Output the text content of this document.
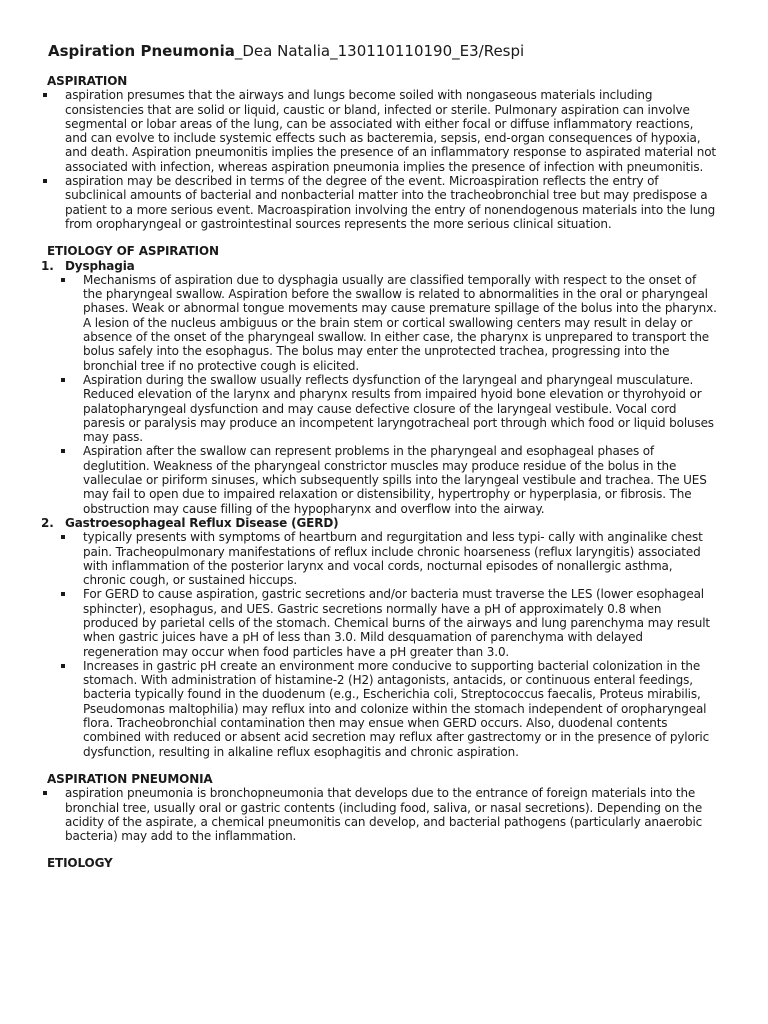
Aspiration Pneumonia_Dea Natalia_130110110190_E3/Respi
ASPIRATION
aspiration presumes that the airways and lungs become soiled with nongaseous materials including consistencies that are solid or liquid, caustic or bland, infected or sterile. Pulmonary aspiration can involve segmental or lobar areas of the lung, can be associated with either focal or diffuse inflammatory reactions, and can evolve to include systemic effects such as bacteremia, sepsis, end-organ consequences of hypoxia, and death. Aspiration pneumonitis implies the presence of an inflammatory response to aspirated material not associated with infection, whereas aspiration pneumonia implies the presence of infection with pneumonitis.
aspiration may be described in terms of the degree of the event. Microaspiration reflects the entry of subclinical amounts of bacterial and nonbacterial matter into the tracheobronchial tree but may predispose a patient to a more serious event. Macroaspiration involving the entry of nonendogenous materials into the lung from oropharyngeal or gastrointestinal sources represents the more serious clinical situation.
ETIOLOGY OF ASPIRATION
1. Dysphagia
Mechanisms of aspiration due to dysphagia usually are classified temporally with respect to the onset of the pharyngeal swallow. Aspiration before the swallow is related to abnormalities in the oral or pharyngeal phases. Weak or abnormal tongue movements may cause premature spillage of the bolus into the pharynx. A lesion of the nucleus ambiguus or the brain stem or cortical swallowing centers may result in delay or absence of the onset of the pharyngeal swallow. In either case, the pharynx is unprepared to transport the bolus safely into the esophagus. The bolus may enter the unprotected trachea, progressing into the bronchial tree if no protective cough is elicited.
Aspiration during the swallow usually reflects dysfunction of the laryngeal and pharyngeal musculature. Reduced elevation of the larynx and pharynx results from impaired hyoid bone elevation or thyrohyoid or palatopharyngeal dysfunction and may cause defective closure of the laryngeal vestibule. Vocal cord paresis or paralysis may produce an incompetent laryngotracheal port through which food or liquid boluses may pass.
Aspiration after the swallow can represent problems in the pharyngeal and esophageal phases of deglutition. Weakness of the pharyngeal constrictor muscles may produce residue of the bolus in the valleculae or piriform sinuses, which subsequently spills into the laryngeal vestibule and trachea. The UES may fail to open due to impaired relaxation or distensibility, hypertrophy or hyperplasia, or fibrosis. The obstruction may cause filling of the hypopharynx and overflow into the airway.
2. Gastroesophageal Reflux Disease (GERD)
typically presents with symptoms of heartburn and regurgitation and less typi- cally with anginalike chest pain. Tracheopulmonary manifestations of reflux include chronic hoarseness (reflux laryngitis) associated with inflammation of the posterior larynx and vocal cords, nocturnal episodes of nonallergic asthma, chronic cough, or sustained hiccups.
For GERD to cause aspiration, gastric secretions and/or bacteria must traverse the LES (lower esophageal sphincter), esophagus, and UES. Gastric secretions normally have a pH of approximately 0.8 when produced by parietal cells of the stomach. Chemical burns of the airways and lung parenchyma may result when gastric juices have a pH of less than 3.0. Mild desquamation of parenchyma with delayed regeneration may occur when food particles have a pH greater than 3.0.
Increases in gastric pH create an environment more conducive to supporting bacterial colonization in the stomach. With administration of histamine-2 (H2) antagonists, antacids, or continuous enteral feedings, bacteria typically found in the duodenum (e.g., Escherichia coli, Streptococcus faecalis, Proteus mirabilis, Pseudomonas maltophilia) may reflux into and colonize within the stomach independent of oropharyngeal flora. Tracheobronchial contamination then may ensue when GERD occurs. Also, duodenal contents combined with reduced or absent acid secretion may reflux after gastrectomy or in the presence of pyloric dysfunction, resulting in alkaline reflux esophagitis and chronic aspiration.
ASPIRATION PNEUMONIA
aspiration pneumonia is bronchopneumonia that develops due to the entrance of foreign materials into the bronchial tree, usually oral or gastric contents (including food, saliva, or nasal secretions). Depending on the acidity of the aspirate, a chemical pneumonitis can develop, and bacterial pathogens (particularly anaerobic bacteria) may add to the inflammation.
ETIOLOGY
